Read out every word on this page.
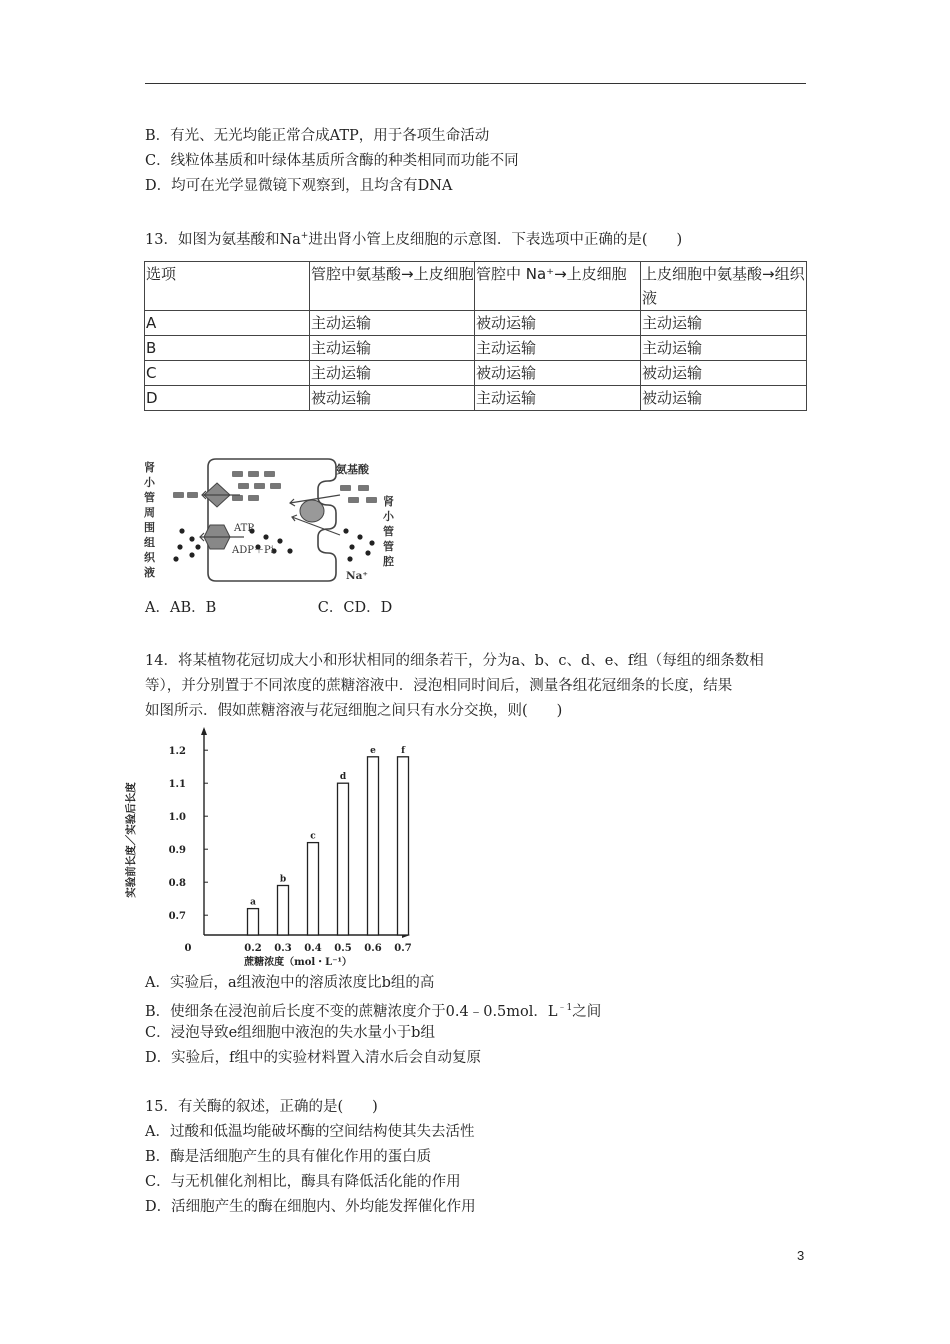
B．有光、无光均能正常合成ATP，用于各项生命活动
C．线粒体基质和叶绿体基质所含酶的种类相同而功能不同
D．均可在光学显微镜下观察到，且均含有DNA
13．如图为氨基酸和Na+进出肾小管上皮细胞的示意图．下表选项中正确的是(　　)
选项	管腔中氨基酸→上皮细胞	管腔中 Na⁺→上皮细胞	上皮细胞中氨基酸→组织液
A	主动运输	被动运输	主动运输
B	主动运输	主动运输	主动运输
C	主动运输	被动运输	被动运输
D	被动运输	主动运输	被动运输
肾
小
管
周
围
组
织
液
肾
小
管
管
腔
氨基酸
ATP
ADP＋Pi
Na⁺
A．AB．B　　　　　　　C．CD．D
14．将某植物花冠切成大小和形状相同的细条若干，分为a、b、c、d、e、f组（每组的细条数相
等），并分别置于不同浓度的蔗糖溶液中．浸泡相同时间后，测量各组花冠细条的长度，结果
如图所示．假如蔗糖溶液与花冠细胞之间只有水分交换，则(　　)
0.7
0.8
0.9
1.0
1.1
1.2
0	0.2 0.3 0.4 0.5 0.6 0.7
a
b
c
d
e	f
实验前长度／实验后长度
蔗糖浓度（mol・L⁻¹）
A．实验后，a组液泡中的溶质浓度比b组的高
B．使细条在浸泡前后长度不变的蔗糖浓度介于0.4﹣0.5mol．$L^{﹣1}$之间
C．浸泡导致e组细胞中液泡的失水量小于b组
D．实验后，f组中的实验材料置入清水后会自动复原
15．有关酶的叙述，正确的是(　　)
A．过酸和低温均能破坏酶的空间结构使其失去活性
B．酶是活细胞产生的具有催化作用的蛋白质
C．与无机催化剂相比，酶具有降低活化能的作用
D．活细胞产生的酶在细胞内、外均能发挥催化作用
3
